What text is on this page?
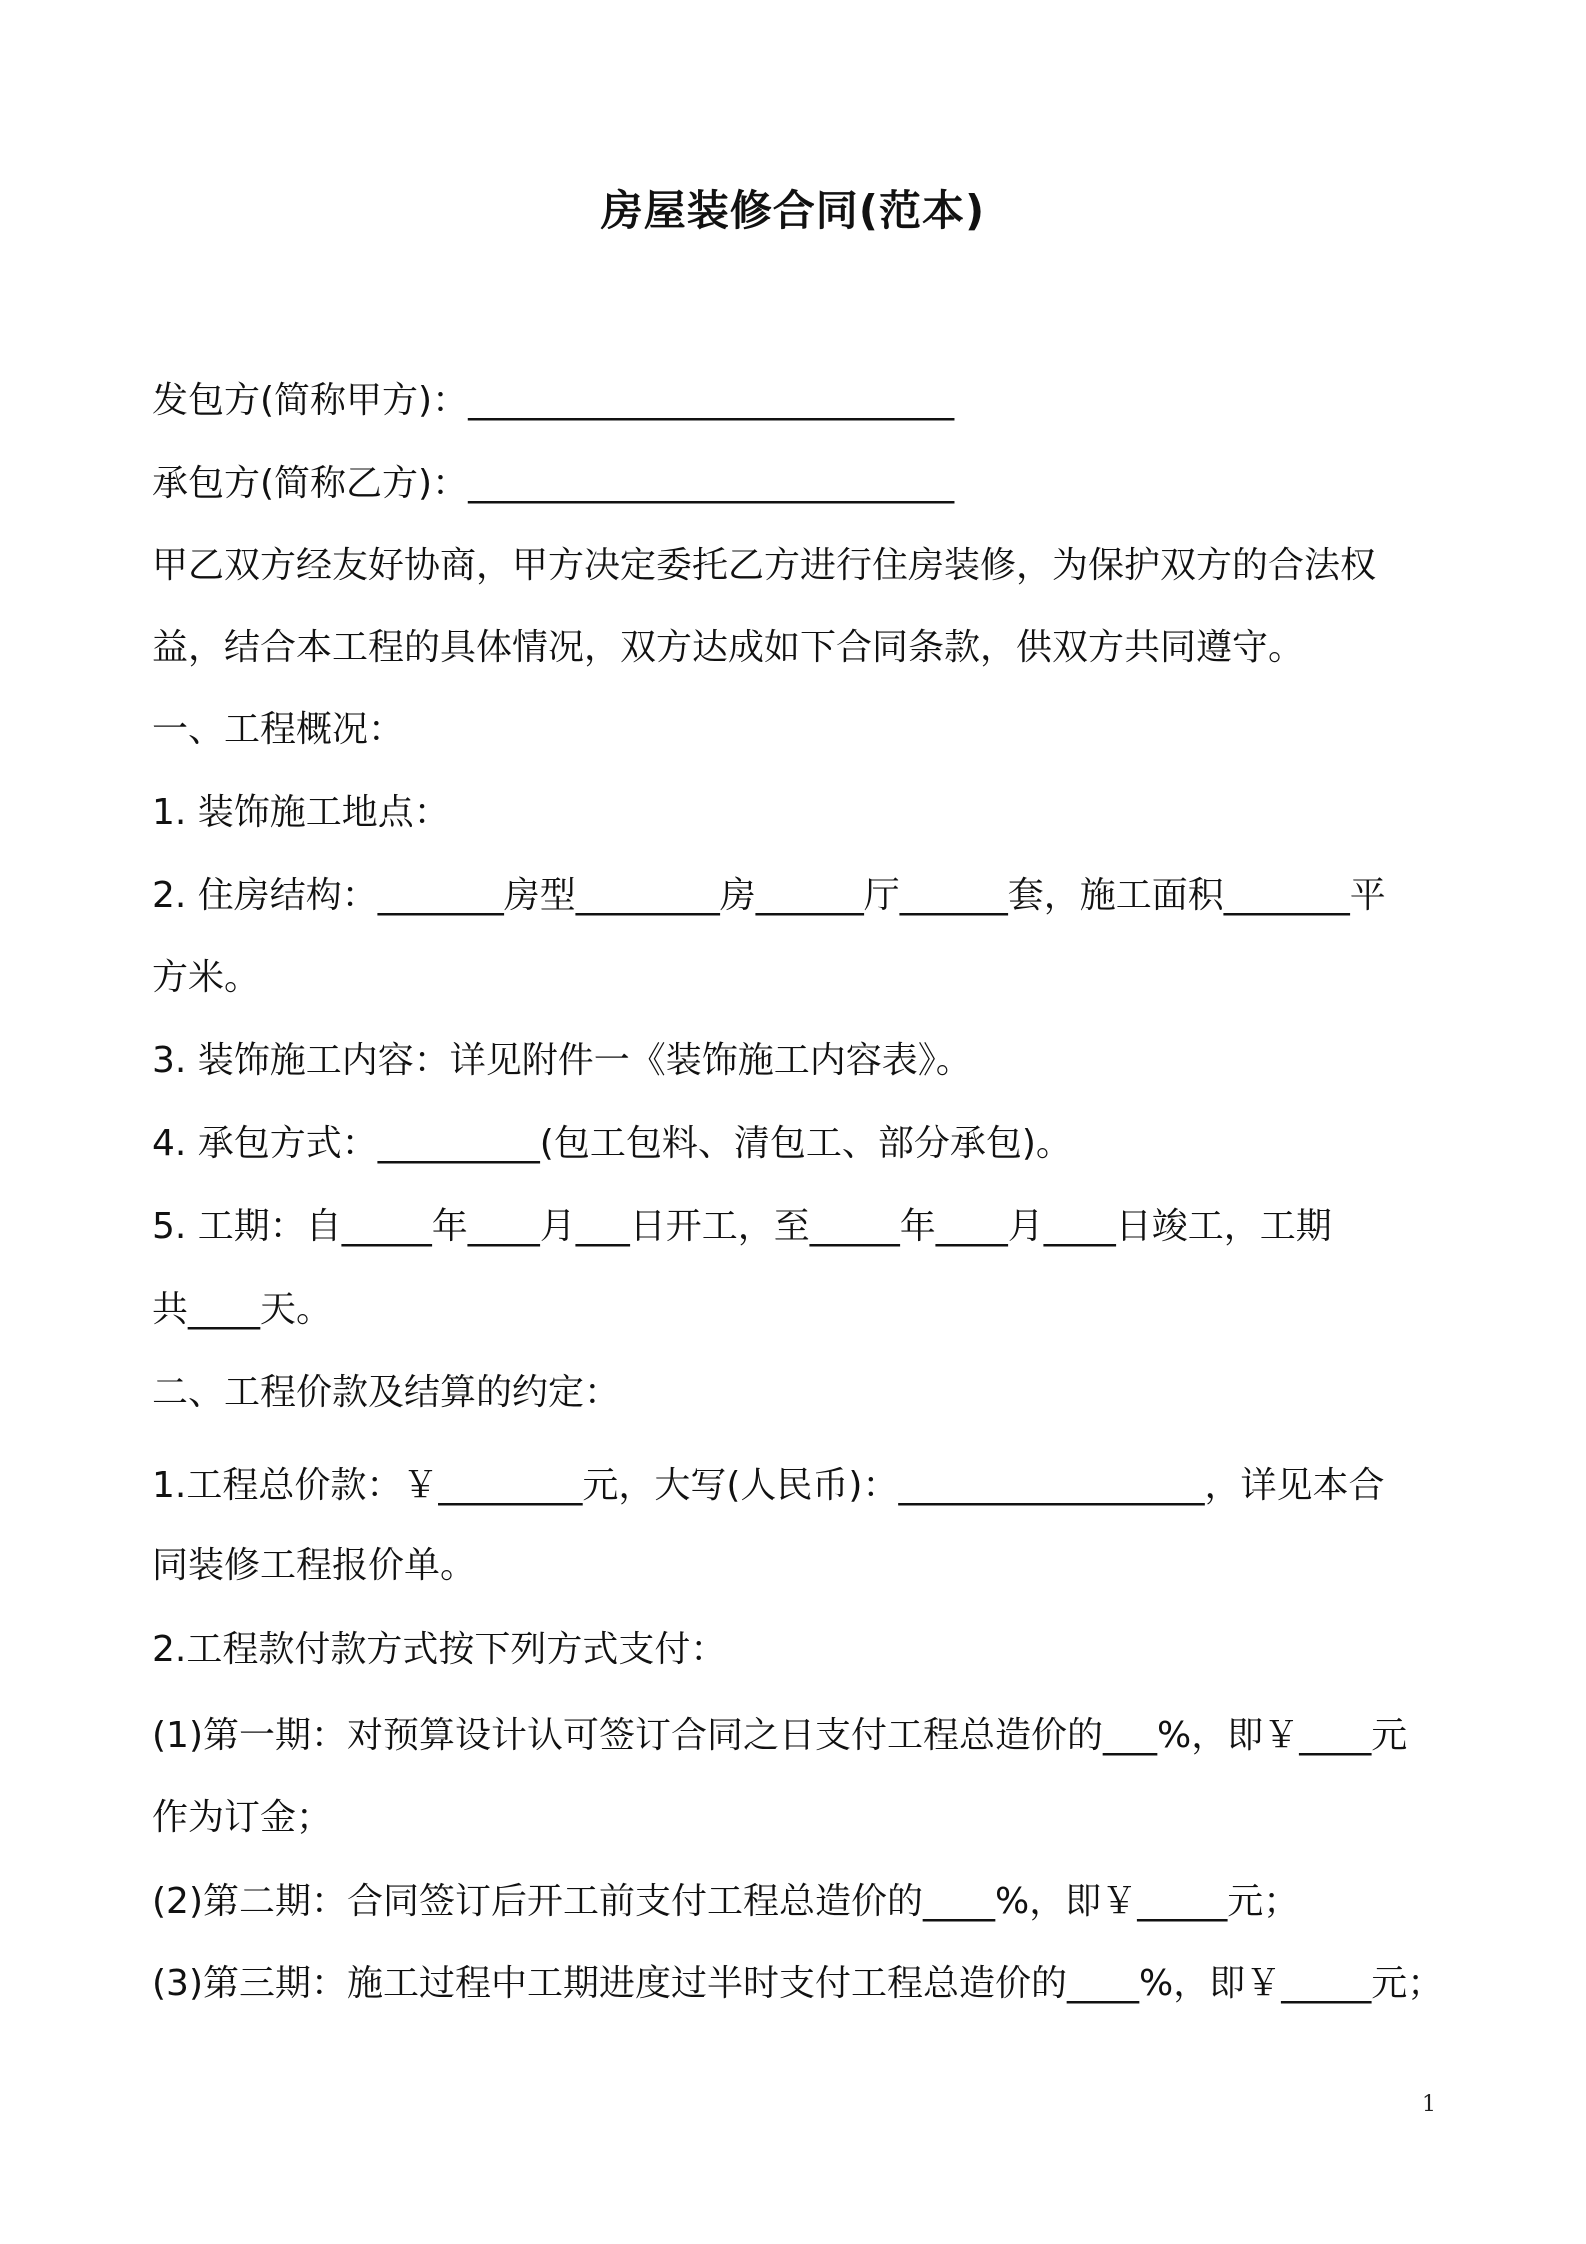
房屋装修合同(范本)
发包方(简称甲方)：___________________________
承包方(简称乙方)：___________________________
甲乙双方经友好协商，甲方决定委托乙方进行住房装修，为保护双方的合法权
益，结合本工程的具体情况，双方达成如下合同条款，供双方共同遵守。
一、工程概况：
1. 装饰施工地点：
2. 住房结构：_______房型________房______厅______套，施工面积_______平
方米。
3. 装饰施工内容：详见附件一《装饰施工内容表》。
4. 承包方式：_________(包工包料、清包工、部分承包)。
5. 工期：自_____年____月___日开工，至_____年____月____日竣工，工期
共____天。
二、工程价款及结算的约定：
1.工程总价款：￥________元，大写(人民币)：_________________，详见本合
同装修工程报价单。
2.工程款付款方式按下列方式支付：
(1)第一期：对预算设计认可签订合同之日支付工程总造价的___%，即￥____元
作为订金；
(2)第二期：合同签订后开工前支付工程总造价的____%，即￥_____元；
(3)第三期：施工过程中工期进度过半时支付工程总造价的____%，即￥_____元；
1
